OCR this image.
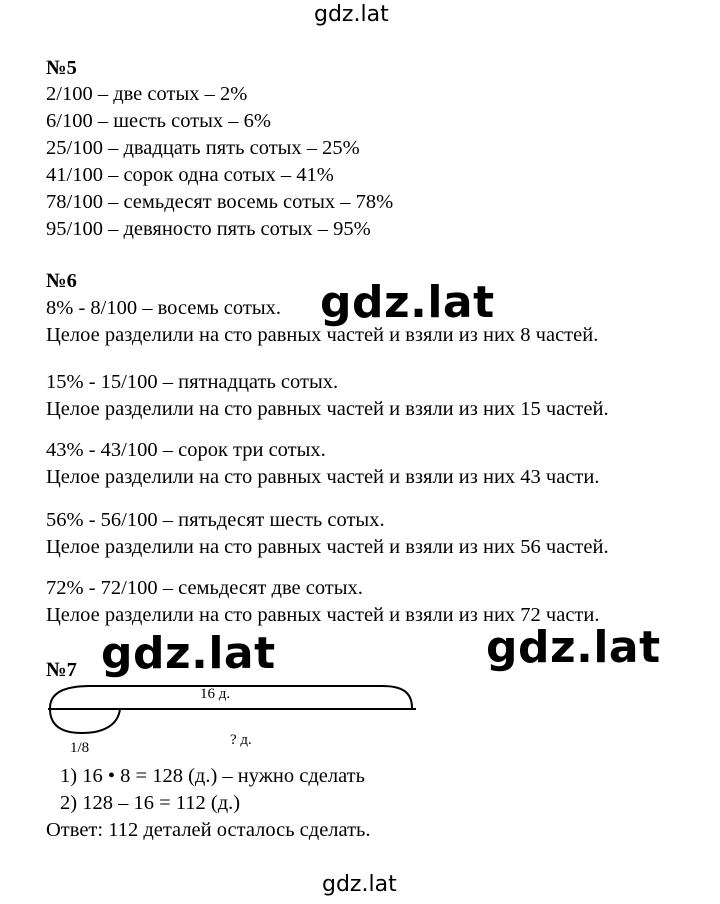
gdz.lat
gdz.lat
gdz.lat	gdz.lat
gdz.lat
№5
2/100 – две сотых – 2%
6/100 – шесть сотых – 6%
25/100 – двадцать пять сотых – 25%
41/100 – сорок одна сотых – 41%
78/100 – семьдесят восемь сотых – 78%
95/100 – девяносто пять сотых – 95%
№6
8% - 8/100 – восемь сотых.
Целое разделили на сто равных частей и взяли из них 8 частей.
15% - 15/100 – пятнадцать сотых.
Целое разделили на сто равных частей и взяли из них 15 частей.
43% - 43/100 – сорок три сотых.
Целое разделили на сто равных частей и взяли из них 43 части.
56% - 56/100 – пятьдесят шесть сотых.
Целое разделили на сто равных частей и взяли из них 56 частей.
72% - 72/100 – семьдесят две сотых.
Целое разделили на сто равных частей и взяли из них 72 части.
№7
16 д.
1/8	? д.
1) 16 • 8 = 128 (д.) – нужно сделать
2) 128 – 16 = 112 (д.)
Ответ: 112 деталей осталось сделать.
